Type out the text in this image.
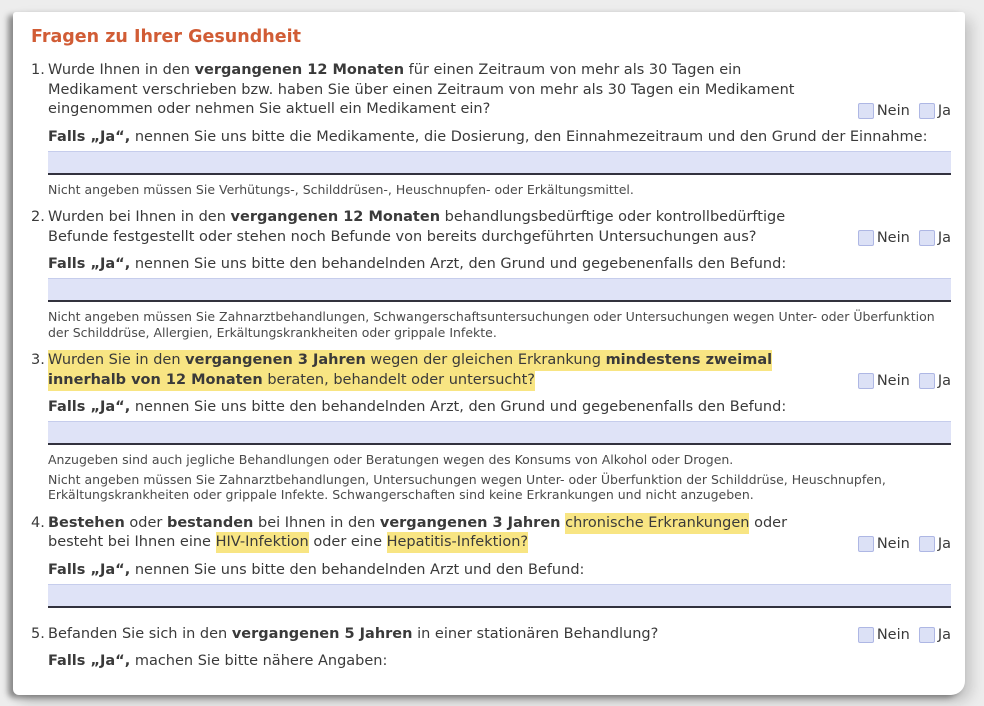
Fragen zu Ihrer Gesundheit
1. Wurde Ihnen in den vergangenen 12 Monaten für einen Zeitraum von mehr als 30 Tagen ein Medikament verschrieben bzw. haben Sie über einen Zeitraum von mehr als 30 Tagen ein Medikament eingenommen oder nehmen Sie aktuell ein Medikament ein?	Nein Ja

Falls „Ja“, nennen Sie uns bitte die Medikamente, die Dosierung, den Einnahmezeitraum und den Grund der Einnahme:

Nicht angeben müssen Sie Verhütungs-, Schilddrüsen-, Heuschnupfen- oder Erkältungsmittel.

2. Wurden bei Ihnen in den vergangenen 12 Monaten behandlungsbedürftige oder kontrollbedürftige Befunde festgestellt oder stehen noch Befunde von bereits durchgeführten Untersuchungen aus?	Nein Ja

Falls „Ja“, nennen Sie uns bitte den behandelnden Arzt, den Grund und gegebenenfalls den Befund:

Nicht angeben müssen Sie Zahnarztbehandlungen, Schwangerschaftsuntersuchungen oder Untersuchungen wegen Unter- oder Überfunktion der Schilddrüse, Allergien, Erkältungskrankheiten oder grippale Infekte.

3. Wurden Sie in den vergangenen 3 Jahren wegen der gleichen Erkrankung mindestens zweimal innerhalb von 12 Monaten beraten, behandelt oder untersucht?	Nein Ja

Falls „Ja“, nennen Sie uns bitte den behandelnden Arzt, den Grund und gegebenenfalls den Befund:

Anzugeben sind auch jegliche Behandlungen oder Beratungen wegen des Konsums von Alkohol oder Drogen.

Nicht angeben müssen Sie Zahnarztbehandlungen, Untersuchungen wegen Unter- oder Überfunktion der Schilddrüse, Heuschnupfen, Erkältungskrankheiten oder grippale Infekte. Schwangerschaften sind keine Erkrankungen und nicht anzugeben.

4. Bestehen oder bestanden bei Ihnen in den vergangenen 3 Jahren chronische Erkrankungen oder besteht bei Ihnen eine HIV-Infektion oder eine Hepatitis-Infektion?	Nein Ja

Falls „Ja“, nennen Sie uns bitte den behandelnden Arzt und den Befund:

5. Befanden Sie sich in den vergangenen 5 Jahren in einer stationären Behandlung?	Nein Ja

Falls „Ja“, machen Sie bitte nähere Angaben:
